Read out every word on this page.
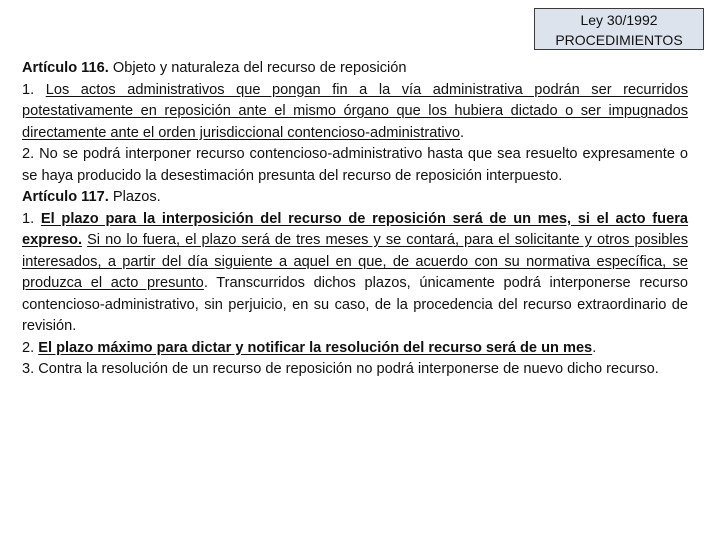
Ley 30/1992
PROCEDIMIENTOS

Artículo 116. Objeto y naturaleza del recurso de reposición

1. Los actos administrativos que pongan fin a la vía administrativa podrán ser recurridos potestativamente en reposición ante el mismo órgano que los hubiera dictado o ser impugnados directamente ante el orden jurisdiccional contencioso-administrativo.

2. No se podrá interponer recurso contencioso-administrativo hasta que sea resuelto expresamente o se haya producido la desestimación presunta del recurso de reposición interpuesto.

Artículo 117. Plazos.

1. El plazo para la interposición del recurso de reposición será de un mes, si el acto fuera expreso. Si no lo fuera, el plazo será de tres meses y se contará, para el solicitante y otros posibles interesados, a partir del día siguiente a aquel en que, de acuerdo con su normativa específica, se produzca el acto presunto. Transcurridos dichos plazos, únicamente podrá interponerse recurso contencioso-administrativo, sin perjuicio, en su caso, de la procedencia del recurso extraordinario de revisión.

2. El plazo máximo para dictar y notificar la resolución del recurso será de un mes.

3. Contra la resolución de un recurso de reposición no podrá interponerse de nuevo dicho recurso.
